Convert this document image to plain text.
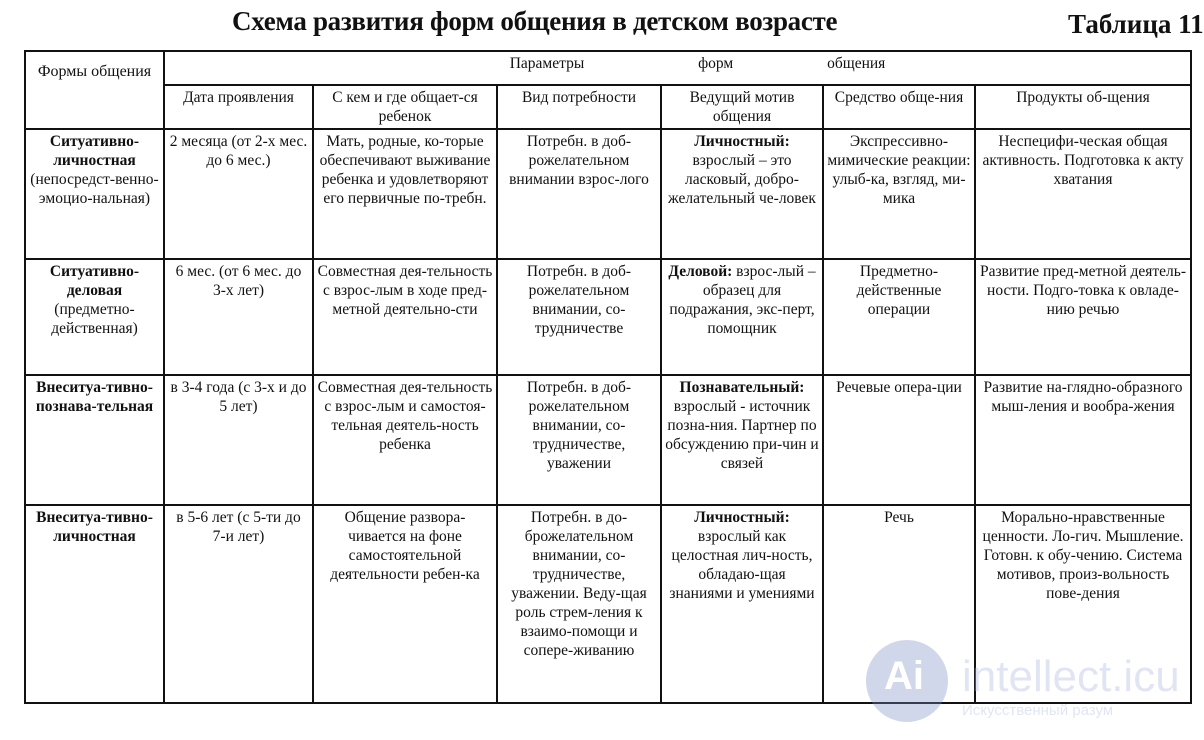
Схема развития форм общения в детском возрасте	Таблица 11
Формы общения	Параметры форм общения					
	Дата проявления	С кем и где общает-ся ребенок	Вид потребности	Ведущий мотив общения	Средство обще-ния	Продукты об-щения
Ситуативно-личностная (непосредст-венно-эмоцио-нальная)	2 месяца (от 2-х мес. до 6 мес.)	Мать, родные, ко-торые обеспечивают выживание ребенка и удовлетворяют его первичные по-требн.	Потребн. в доб-рожелательном внимании взрос-лого	Личностный: взрослый – это ласковый, добро-желательный че-ловек	Экспрессивно-мимические реакции: улыб-ка, взгляд, ми-мика	Неспецифи-ческая общая активность. Подготовка к акту хватания
Ситуативно-деловая (предметно-действенная)	6 мес. (от 6 мес. до 3-х лет)	Совместная дея-тельность с взрос-лым в ходе пред-метной деятельно-сти	Потребн. в доб-рожелательном внимании, со-трудничестве	Деловой: взрос-лый – образец для подражания, экс-перт, помощник	Предметно-действенные операции	Развитие пред-метной деятель-ности. Подго-товка к овладе-нию речью
Внеситуа-тивно-познава-тельная	в 3-4 года (с 3-х и до 5 лет)	Совместная дея-тельность с взрос-лым и самостоя-тельная деятель-ность ребенка	Потребн. в доб-рожелательном внимании, со-трудничестве, уважении	Познавательный: взрослый - источник позна-ния. Партнер по обсуждению при-чин и связей	Речевые опера-ции	Развитие на-глядно-образного мыш-ления и вообра-жения
Внеситуа-тивно-личностная	в 5-6 лет (с 5-ти до 7-и лет)	Общение развора-чивается на фоне самостоятельной деятельности ребен-ка	Потребн. в до-брожелательном внимании, со-трудничестве, уважении. Веду-щая роль стрем-ления к взаимо-помощи и сопере-живанию	Личностный: взрослый как целостная лич-ность, обладаю-щая знаниями и умениями	Речь	Морально-нравственные ценности. Ло-гич. Мышление. Готовн. к обу-чению. Система мотивов, произ-вольность пове-дения
Ai intellect.icu
Искусственный разум
